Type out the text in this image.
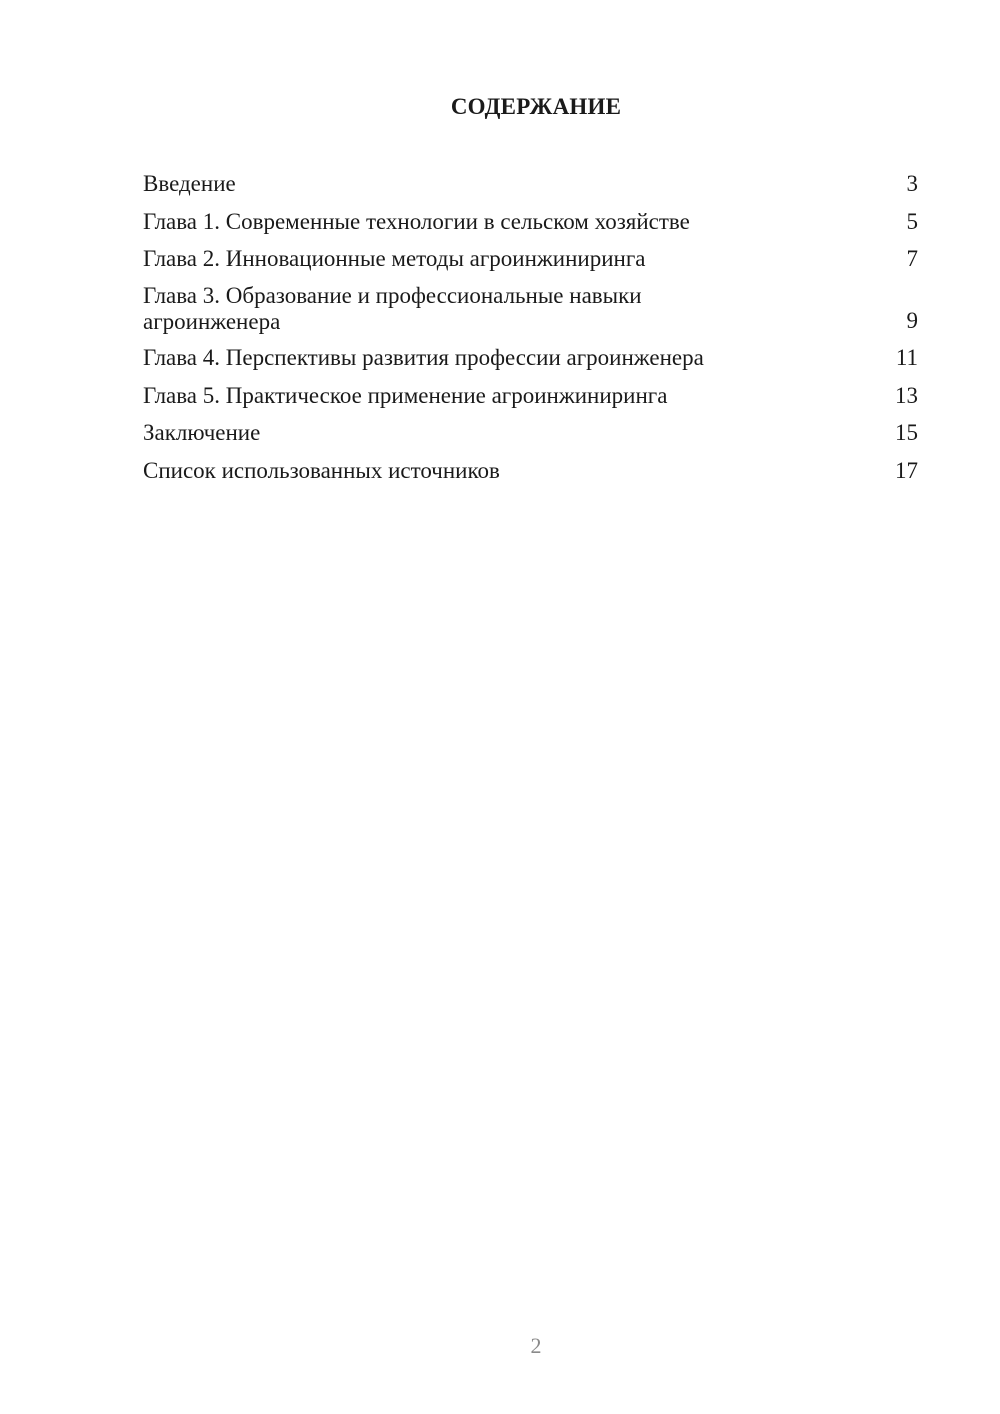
СОДЕРЖАНИЕ
Введение	3
Глава 1. Современные технологии в сельском хозяйстве	5
Глава 2. Инновационные методы агроинжиниринга	7
Глава 3. Образование и профессиональные навыки агроинженера	9
Глава 4. Перспективы развития профессии агроинженера	11
Глава 5. Практическое применение агроинжиниринга	13
Заключение	15
Список использованных источников	17
2
